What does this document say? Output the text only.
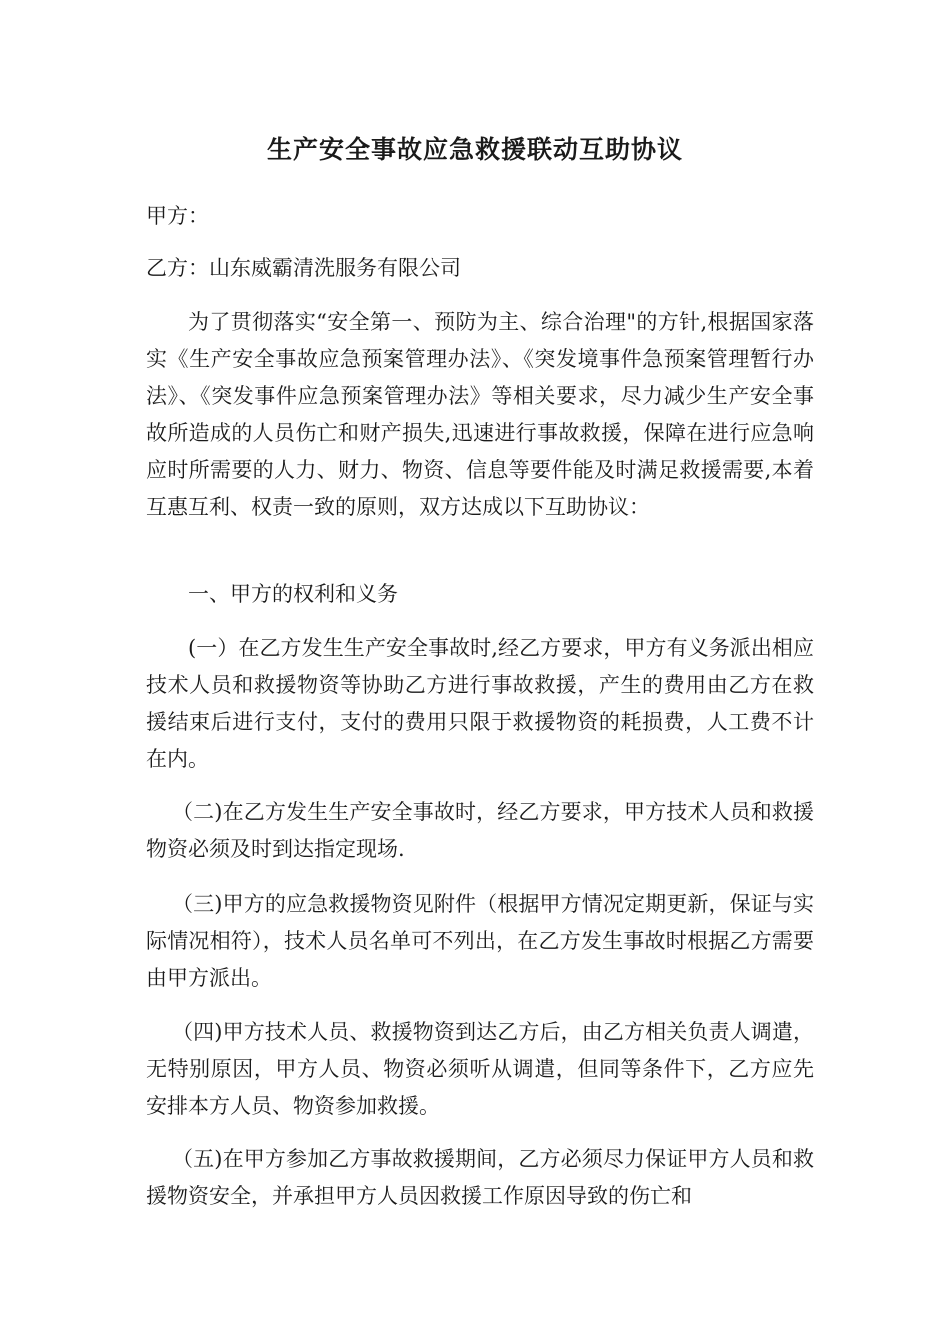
生产安全事故应急救援联动互助协议

甲方：

乙方：山东威霸清洗服务有限公司

为了贯彻落实“安全第一、预防为主、综合治理"的方针,根据国家落实《生产安全事故应急预案管理办法》、《突发境事件急预案管理暂行办法》、《突发事件应急预案管理办法》等相关要求，尽力减少生产安全事故所造成的人员伤亡和财产损失,迅速进行事故救援，保障在进行应急响应时所需要的人力、财力、物资、信息等要件能及时满足救援需要,本着互惠互利、权责一致的原则，双方达成以下互助协议：

一、甲方的权利和义务

(一）在乙方发生生产安全事故时,经乙方要求，甲方有义务派出相应技术人员和救援物资等协助乙方进行事故救援，产生的费用由乙方在救援结束后进行支付，支付的费用只限于救援物资的耗损费，人工费不计在内。

（二)在乙方发生生产安全事故时，经乙方要求，甲方技术人员和救援物资必须及时到达指定现场.

（三)甲方的应急救援物资见附件（根据甲方情况定期更新，保证与实际情况相符），技术人员名单可不列出，在乙方发生事故时根据乙方需要由甲方派出。

（四)甲方技术人员、救援物资到达乙方后，由乙方相关负责人调遣，无特别原因，甲方人员、物资必须听从调遣，但同等条件下，乙方应先安排本方人员、物资参加救援。

（五)在甲方参加乙方事故救援期间，乙方必须尽力保证甲方人员和救援物资安全，并承担甲方人员因救援工作原因导致的伤亡和
